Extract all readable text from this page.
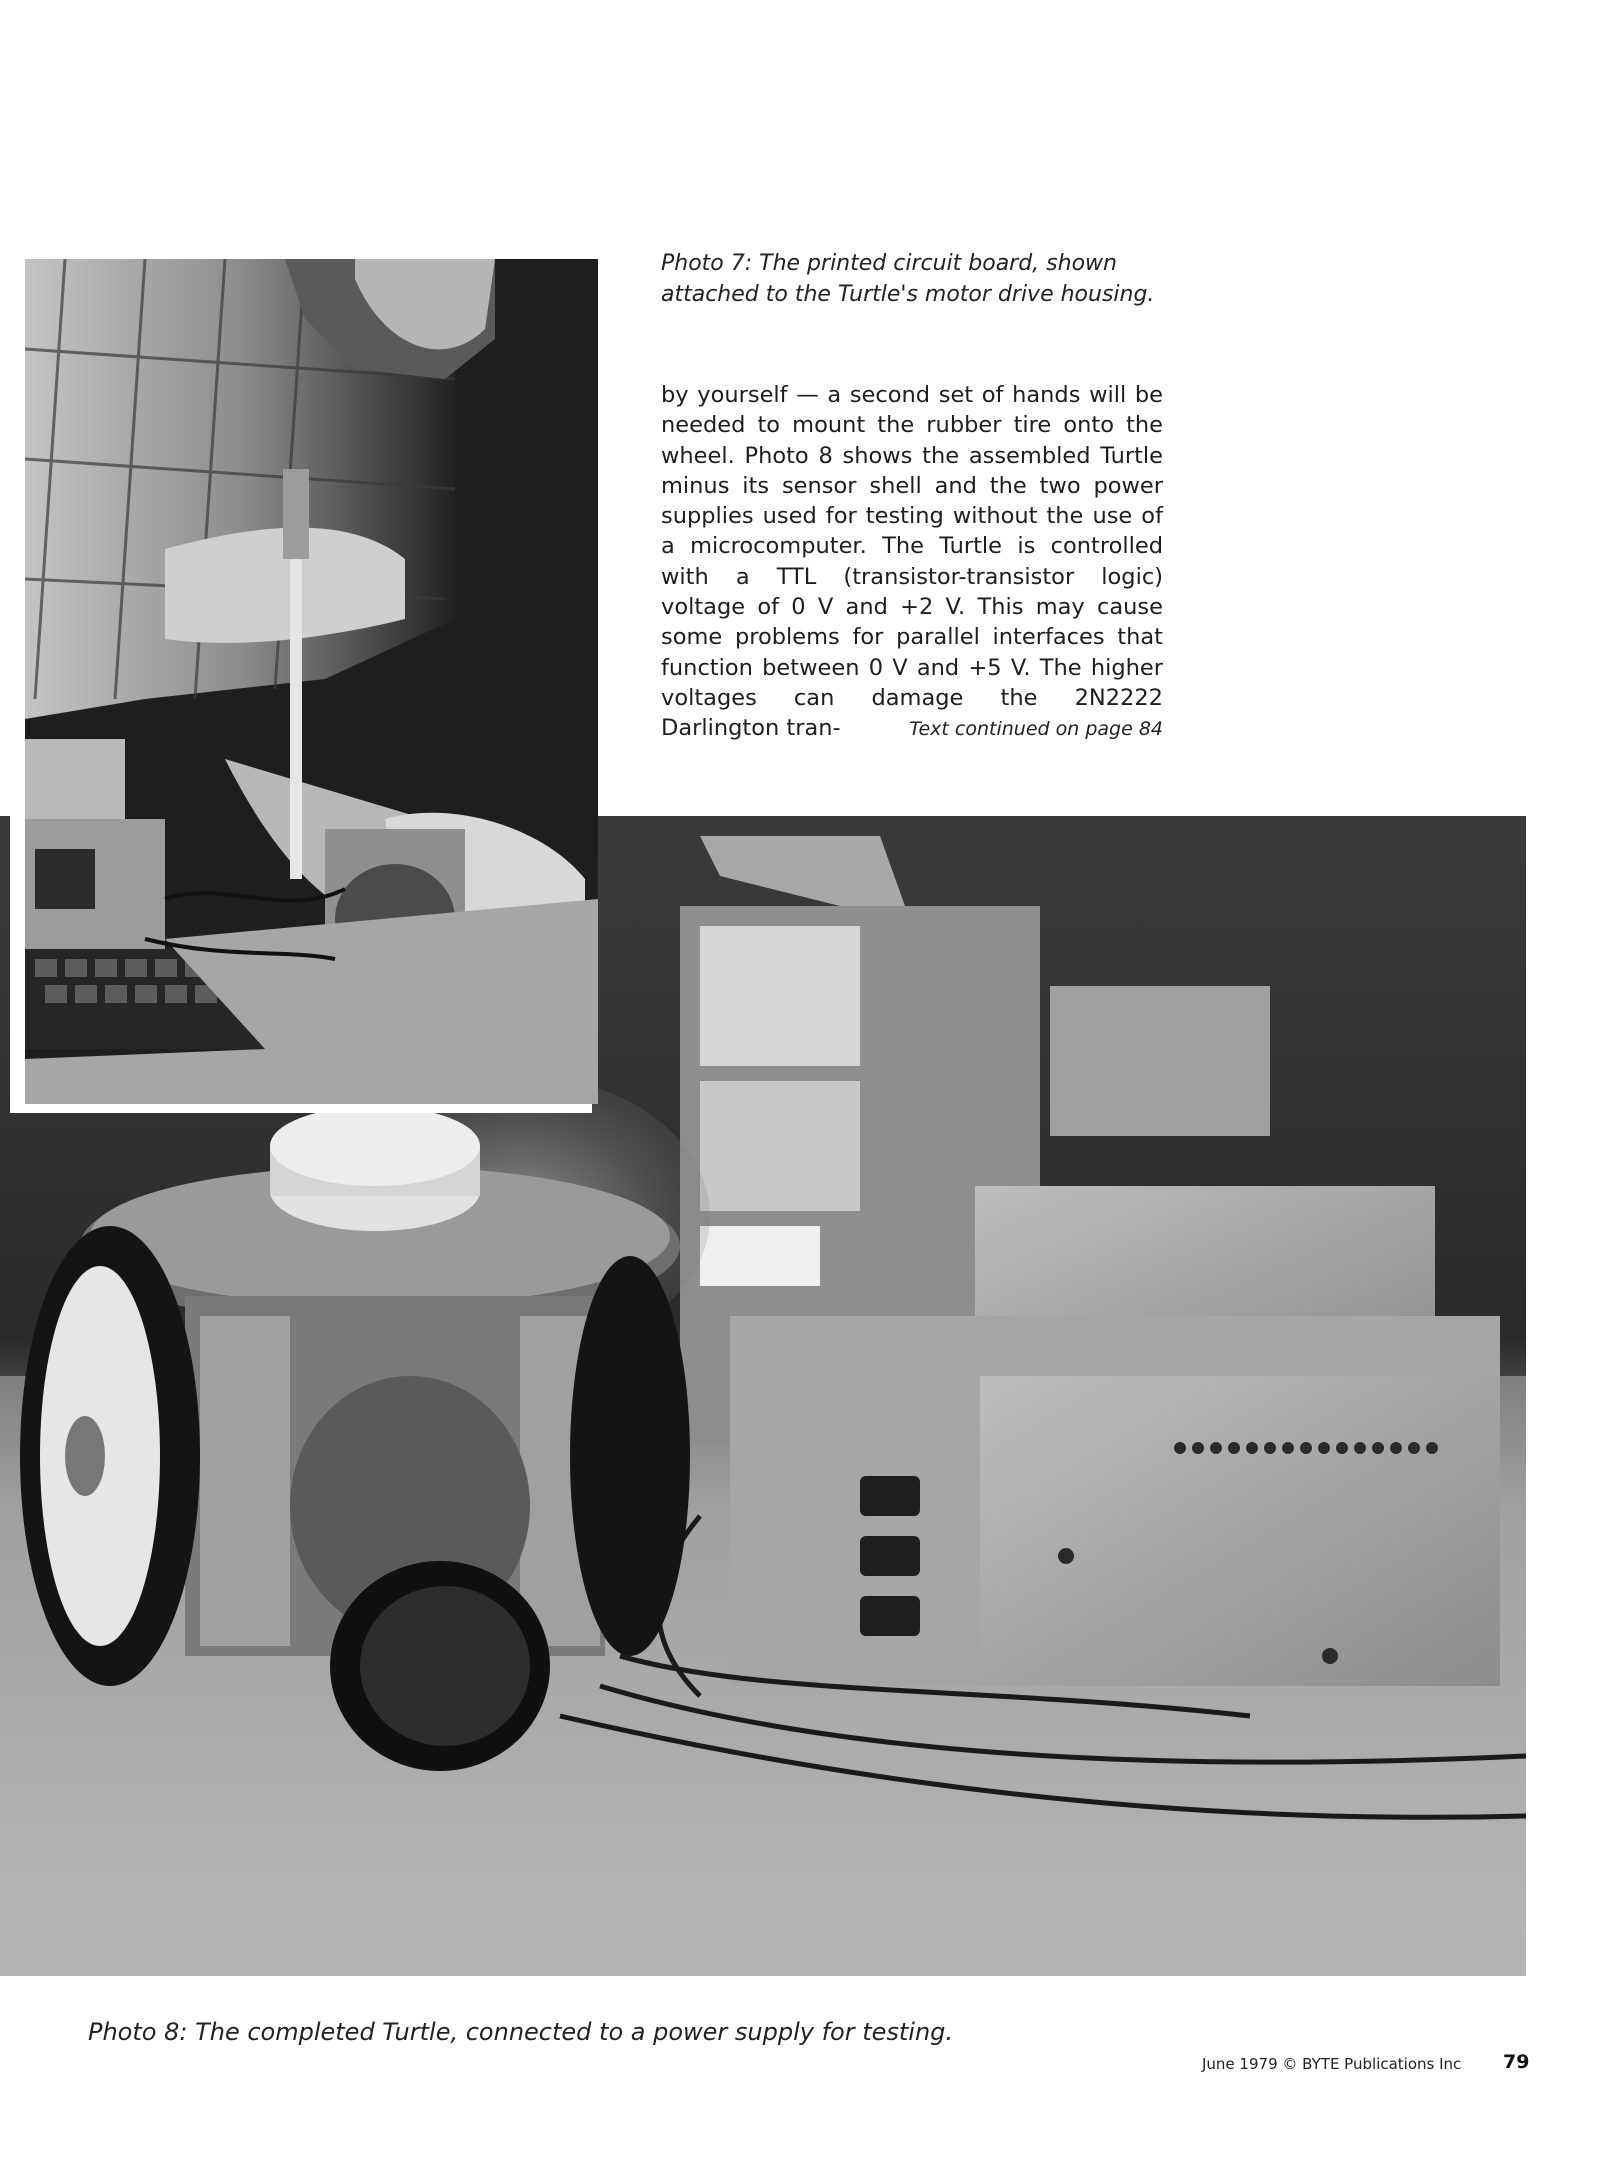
Photo 7: The printed circuit board, shown attached to the Turtle's motor drive housing.
by yourself — a second set of hands will be needed to mount the rubber tire onto the wheel. Photo 8 shows the assembled Turtle minus its sensor shell and the two power supplies used for testing without the use of a microcomputer. The Turtle is controlled with a TTL (transistor-transistor logic) voltage of 0 V and +2 V. This may cause some problems for parallel interfaces that function between 0 V and +5 V. The higher voltages can damage the 2N2222 Darlington tran-	Text continued on page 84
Photo 8: The completed Turtle, connected to a power supply for testing.
June 1979 © BYTE Publications Inc 79
